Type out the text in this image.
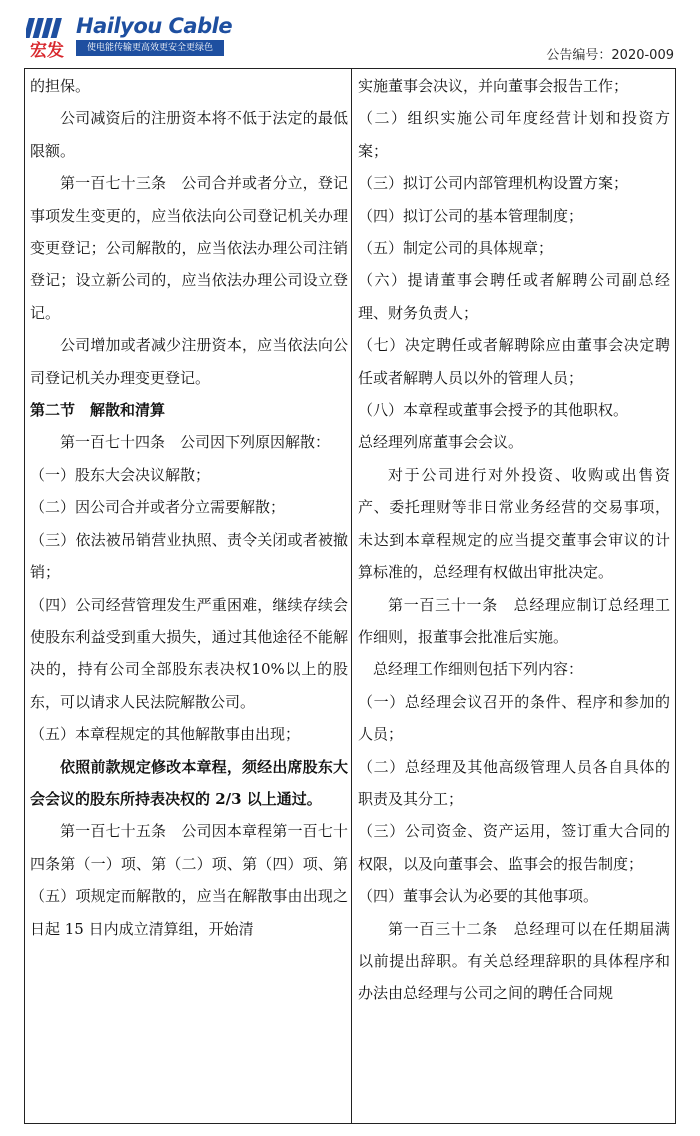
宏发
Hailyou Cable
使电能传输更高效更安全更绿色	公告编号：2020-009

的担保。

公司减资后的注册资本将不低于法定的最低限额。

第一百七十三条　公司合并或者分立，登记事项发生变更的，应当依法向公司登记机关办理变更登记；公司解散的，应当依法办理公司注销登记；设立新公司的，应当依法办理公司设立登记。

公司增加或者减少注册资本，应当依法向公司登记机关办理变更登记。

第二节　解散和清算

第一百七十四条　公司因下列原因解散：

（一）股东大会决议解散；

（二）因公司合并或者分立需要解散；

（三）依法被吊销营业执照、责令关闭或者被撤销；

（四）公司经营管理发生严重困难，继续存续会使股东利益受到重大损失，通过其他途径不能解决的，持有公司全部股东表决权10%以上的股东，可以请求人民法院解散公司。

（五）本章程规定的其他解散事由出现；

依照前款规定修改本章程，须经出席股东大会会议的股东所持表决权的 2/3 以上通过。

第一百七十五条　公司因本章程第一百七十四条第（一）项、第（二）项、第（四）项、第（五）项规定而解散的，应当在解散事由出现之日起 15 日内成立清算组，开始清

实施董事会决议，并向董事会报告工作；

（二）组织实施公司年度经营计划和投资方案；

（三）拟订公司内部管理机构设置方案；

（四）拟订公司的基本管理制度；

（五）制定公司的具体规章；

（六）提请董事会聘任或者解聘公司副总经理、财务负责人；

（七）决定聘任或者解聘除应由董事会决定聘任或者解聘人员以外的管理人员；

（八）本章程或董事会授予的其他职权。

总经理列席董事会会议。

对于公司进行对外投资、收购或出售资产、委托理财等非日常业务经营的交易事项，未达到本章程规定的应当提交董事会审议的计算标准的，总经理有权做出审批决定。

第一百三十一条　总经理应制订总经理工作细则，报董事会批准后实施。

总经理工作细则包括下列内容：

（一）总经理会议召开的条件、程序和参加的人员；

（二）总经理及其他高级管理人员各自具体的职责及其分工；

（三）公司资金、资产运用，签订重大合同的权限，以及向董事会、监事会的报告制度；

（四）董事会认为必要的其他事项。

第一百三十二条　总经理可以在任期届满以前提出辞职。有关总经理辞职的具体程序和办法由总经理与公司之间的聘任合同规
